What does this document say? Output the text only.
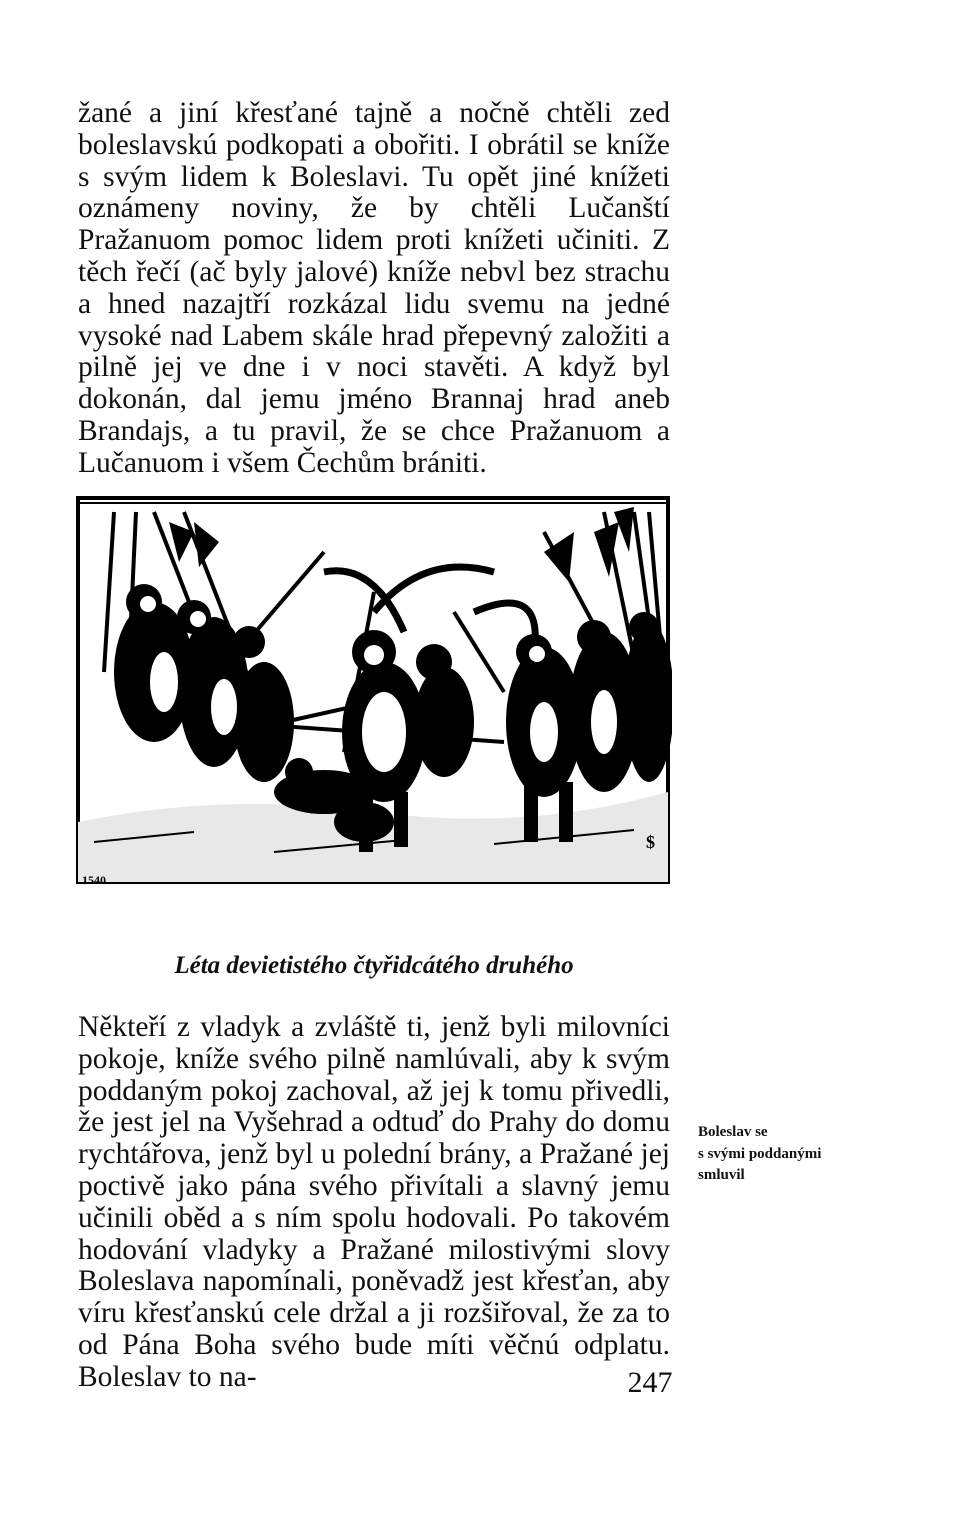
žané a jiní křesťané tajně a nočně chtěli zed boleslavskú podkopati a obořiti. I obrátil se kníže s svým lidem k Boleslavi. Tu opět jiné knížeti oznámeny noviny, že by chtěli Lučanští Pražanuom pomoc lidem proti knížeti učiniti. Z těch řečí (ač byly jalové) kníže nebvl bez strachu a hned nazajtří rozkázal lidu svemu na jedné vysoké nad Labem skále hrad přepevný založiti a pilně jej ve dne i v noci stavěti. A když byl dokonán, dal jemu jméno Brannaj hrad aneb Brandajs, a tu pravil, že se chce Pražanuom a Lučanuom i všem Čechům brániti.

1540
$

Léta devietistého čtyřidcátého druhého

Někteří z vladyk a zvláště ti, jenž byli milovníci pokoje, kníže svého pilně namlúvali, aby k svým poddaným pokoj zachoval, až jej k tomu přivedli, že jest jel na Vyšehrad a odtuď do Prahy do domu rychtářova, jenž byl u polední brány, a Pražané jej poctivě jako pána svého přivítali a slavný jemu učinili oběd a s ním spolu hodovali. Po takovém hodování vladyky a Pražané milostivými slovy Boleslava napomínali, poněvadž jest křesťan, aby víru křesťanskú cele držal a ji rozšiřoval, že za to od Pána Boha svého bude míti věčnú odplatu. Boleslav to na-

Boleslav se
s svými poddanými
smluvil
247
